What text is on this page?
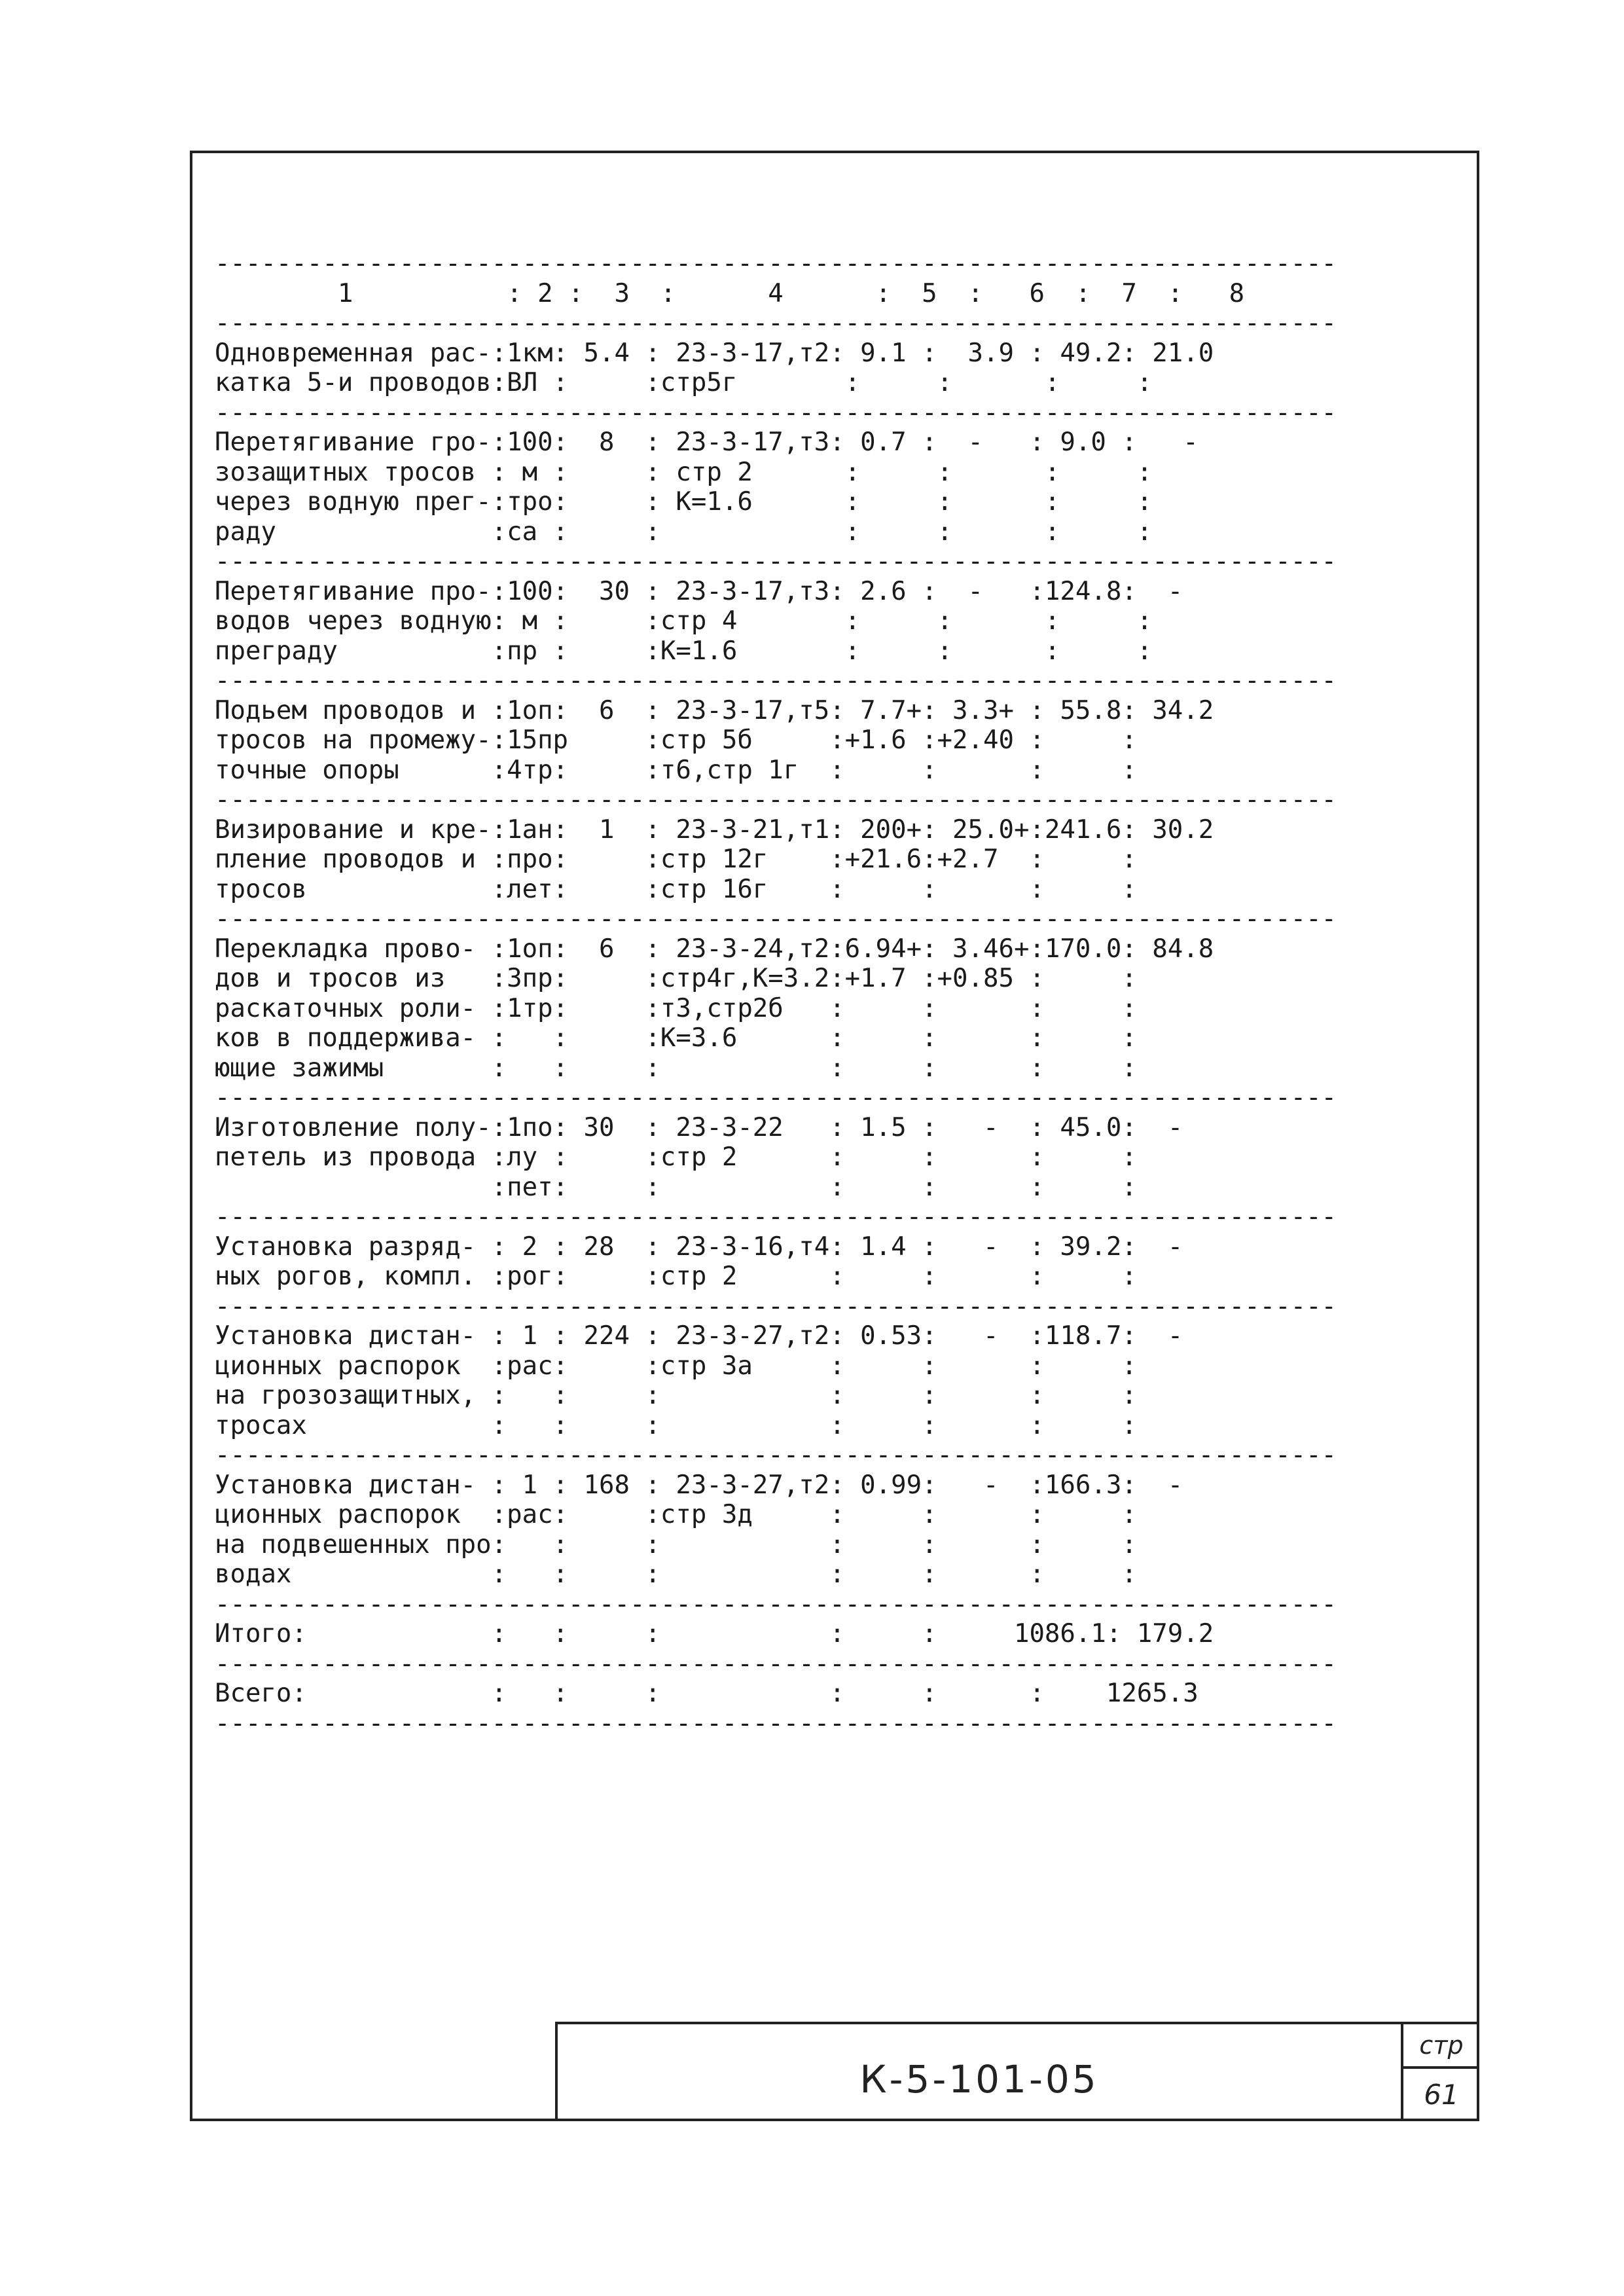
-------------------------------------------------------------------------
1          : 2 :  3  :      4      :  5  :   6  :  7  :   8
-------------------------------------------------------------------------
Одновременная рас-:1км: 5.4 : 23-3-17,т2: 9.1 :  3.9 : 49.2: 21.0
катка 5-и проводов:ВЛ :     :стр5г       :     :      :     :
-------------------------------------------------------------------------
Перетягивание гро-:100:  8  : 23-3-17,т3: 0.7 :  -   : 9.0 :   -
зозащитных тросов : м :     : стр 2      :     :      :     :
через водную прег-:тро:     : К=1.6      :     :      :     :
раду              :са :     :            :     :      :     :
-------------------------------------------------------------------------
Перетягивание про-:100:  30 : 23-3-17,т3: 2.6 :  -   :124.8:  -
водов через водную: м :     :стр 4       :     :      :     :
преграду          :пр :     :К=1.6       :     :      :     :
-------------------------------------------------------------------------
Подьем проводов и :1оп:  6  : 23-3-17,т5: 7.7+: 3.3+ : 55.8: 34.2
тросов на промежу-:15пр     :стр 5б     :+1.6 :+2.40 :     :
точные опоры      :4тр:     :т6,стр 1г  :     :      :     :
-------------------------------------------------------------------------
Визирование и кре-:1ан:  1  : 23-3-21,т1: 200+: 25.0+:241.6: 30.2
пление проводов и :про:     :стр 12г    :+21.6:+2.7  :     :
тросов            :лет:     :стр 16г    :     :      :     :
-------------------------------------------------------------------------
Перекладка прово- :1оп:  6  : 23-3-24,т2:6.94+: 3.46+:170.0: 84.8
дов и тросов из   :3пр:     :стр4г,К=3.2:+1.7 :+0.85 :     :
раскаточных роли- :1тр:     :т3,стр2б   :     :      :     :
ков в поддержива- :   :     :К=3.6      :     :      :     :
ющие зажимы       :   :     :           :     :      :     :
-------------------------------------------------------------------------
Изготовление полу-:1по: 30  : 23-3-22   : 1.5 :   -  : 45.0:  -
петель из провода :лу :     :стр 2      :     :      :     :
:пет:     :           :     :      :     :
-------------------------------------------------------------------------
Установка разряд- : 2 : 28  : 23-3-16,т4: 1.4 :   -  : 39.2:  -
ных рогов, компл. :рог:     :стр 2      :     :      :     :
-------------------------------------------------------------------------
Установка дистан- : 1 : 224 : 23-3-27,т2: 0.53:   -  :118.7:  -
ционных распорок  :рас:     :стр 3а     :     :      :     :
на грозозащитных, :   :     :           :     :      :     :
тросах            :   :     :           :     :      :     :
-------------------------------------------------------------------------
Установка дистан- : 1 : 168 : 23-3-27,т2: 0.99:   -  :166.3:  -
ционных распорок  :рас:     :стр 3д     :     :      :     :
на подвешенных про:   :     :           :     :      :     :
водах             :   :     :           :     :      :     :
-------------------------------------------------------------------------
Итого:            :   :     :           :     :     1086.1: 179.2
-------------------------------------------------------------------------
Всего:            :   :     :           :     :      :    1265.3
-------------------------------------------------------------------------

К-5-101-05
стр
61
